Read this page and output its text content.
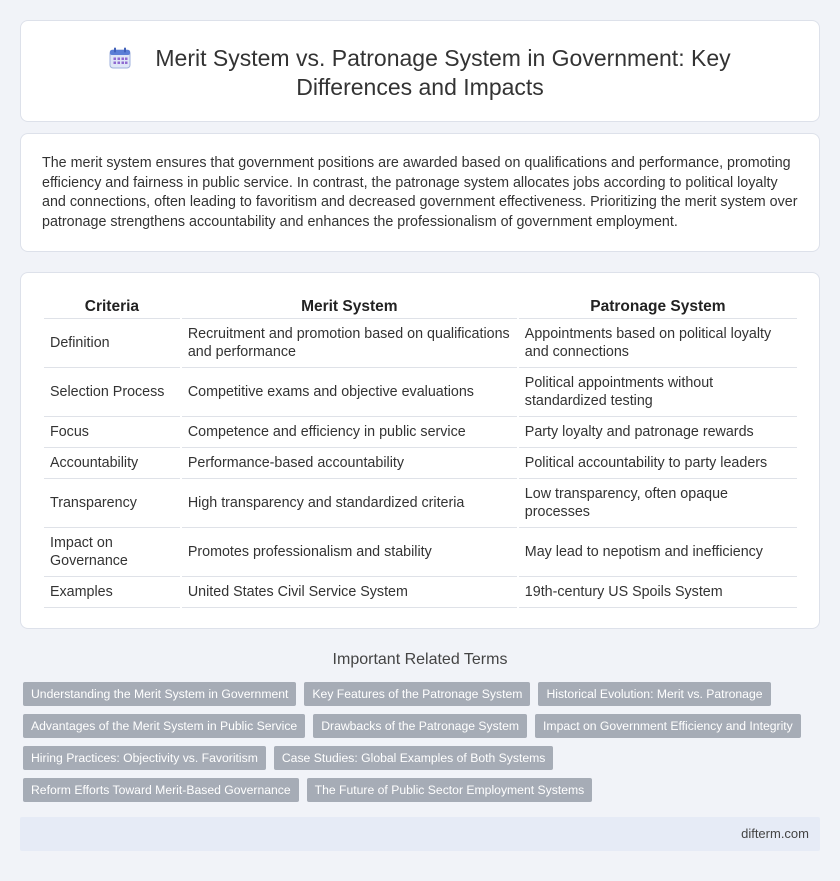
Merit System vs. Patronage System in Government: Key Differences and Impacts

The merit system ensures that government positions are awarded based on qualifications and performance, promoting efficiency and fairness in public service. In contrast, the patronage system allocates jobs according to political loyalty and connections, often leading to favoritism and decreased government effectiveness. Prioritizing the merit system over patronage strengthens accountability and enhances the professionalism of government employment.

Criteria	Merit System	Patronage System
Definition	Recruitment and promotion based on qualifications and performance	Appointments based on political loyalty and connections
Selection Process	Competitive exams and objective evaluations	Political appointments without standardized testing
Focus	Competence and efficiency in public service	Party loyalty and patronage rewards
Accountability	Performance-based accountability	Political accountability to party leaders
Transparency	High transparency and standardized criteria	Low transparency, often opaque processes
Impact on Governance	Promotes professionalism and stability	May lead to nepotism and inefficiency
Examples	United States Civil Service System	19th-century US Spoils System
Important Related Terms
Understanding the Merit System in Government	Key Features of the Patronage System	Historical Evolution: Merit vs. Patronage
Advantages of the Merit System in Public Service	Drawbacks of the Patronage System	Impact on Government Efficiency and Integrity
Hiring Practices: Objectivity vs. Favoritism	Case Studies: Global Examples of Both Systems
Reform Efforts Toward Merit-Based Governance	The Future of Public Sector Employment Systems
difterm.com
